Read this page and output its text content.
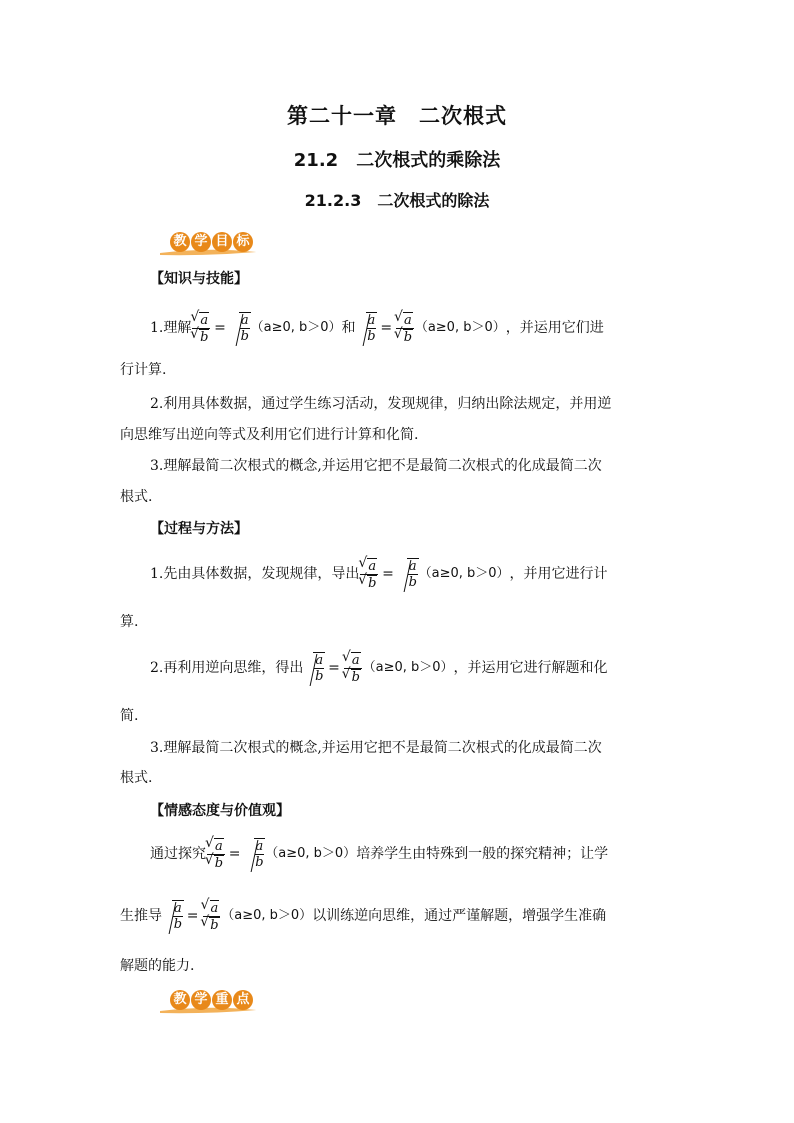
第二十一章　二次根式
21.2　二次根式的乘除法
21.2.3　二次根式的除法
教 学 目 标
【知识与技能】
1.理解 √ a
√ $b = \frac{a}{b} (a\ge 0$, b＞0） 和 $\frac{a}{b}$ = √ a
√ b （a≥0, b＞0） ，并运用它们进
行计算.
2.利用具体数据，通过学生练习活动，发现规律，归纳出除法规定，并用逆
向思维写出逆向等式及利用它们进行计算和化简.
3.理解最简二次根式的概念,并运用它把不是最简二次根式的化成最简二次
根式.
【过程与方法】
1.先由具体数据，发现规律，导出 √ a
√ $b = \frac{a}{b} (a\ge 0$, b＞0） ，并用它进行计
算.
2.再利用逆向思维，得出 $\frac{a}{b}$ = √ a
√ b （a≥0, b＞0） ，并运用它进行解题和化
简.
3.理解最简二次根式的概念,并运用它把不是最简二次根式的化成最简二次
根式.
【情感态度与价值观】
通过探究 √ a
√ $b = \frac{a}{b} (a\ge 0$, b＞0） 培养学生由特殊到一般的探究精神；让学
生推导 $\frac{a}{b}$ = √ a
√ b （a≥0, b＞0） 以训练逆向思维，通过严谨解题，增强学生准确
解题的能力.
教 学 重 点
